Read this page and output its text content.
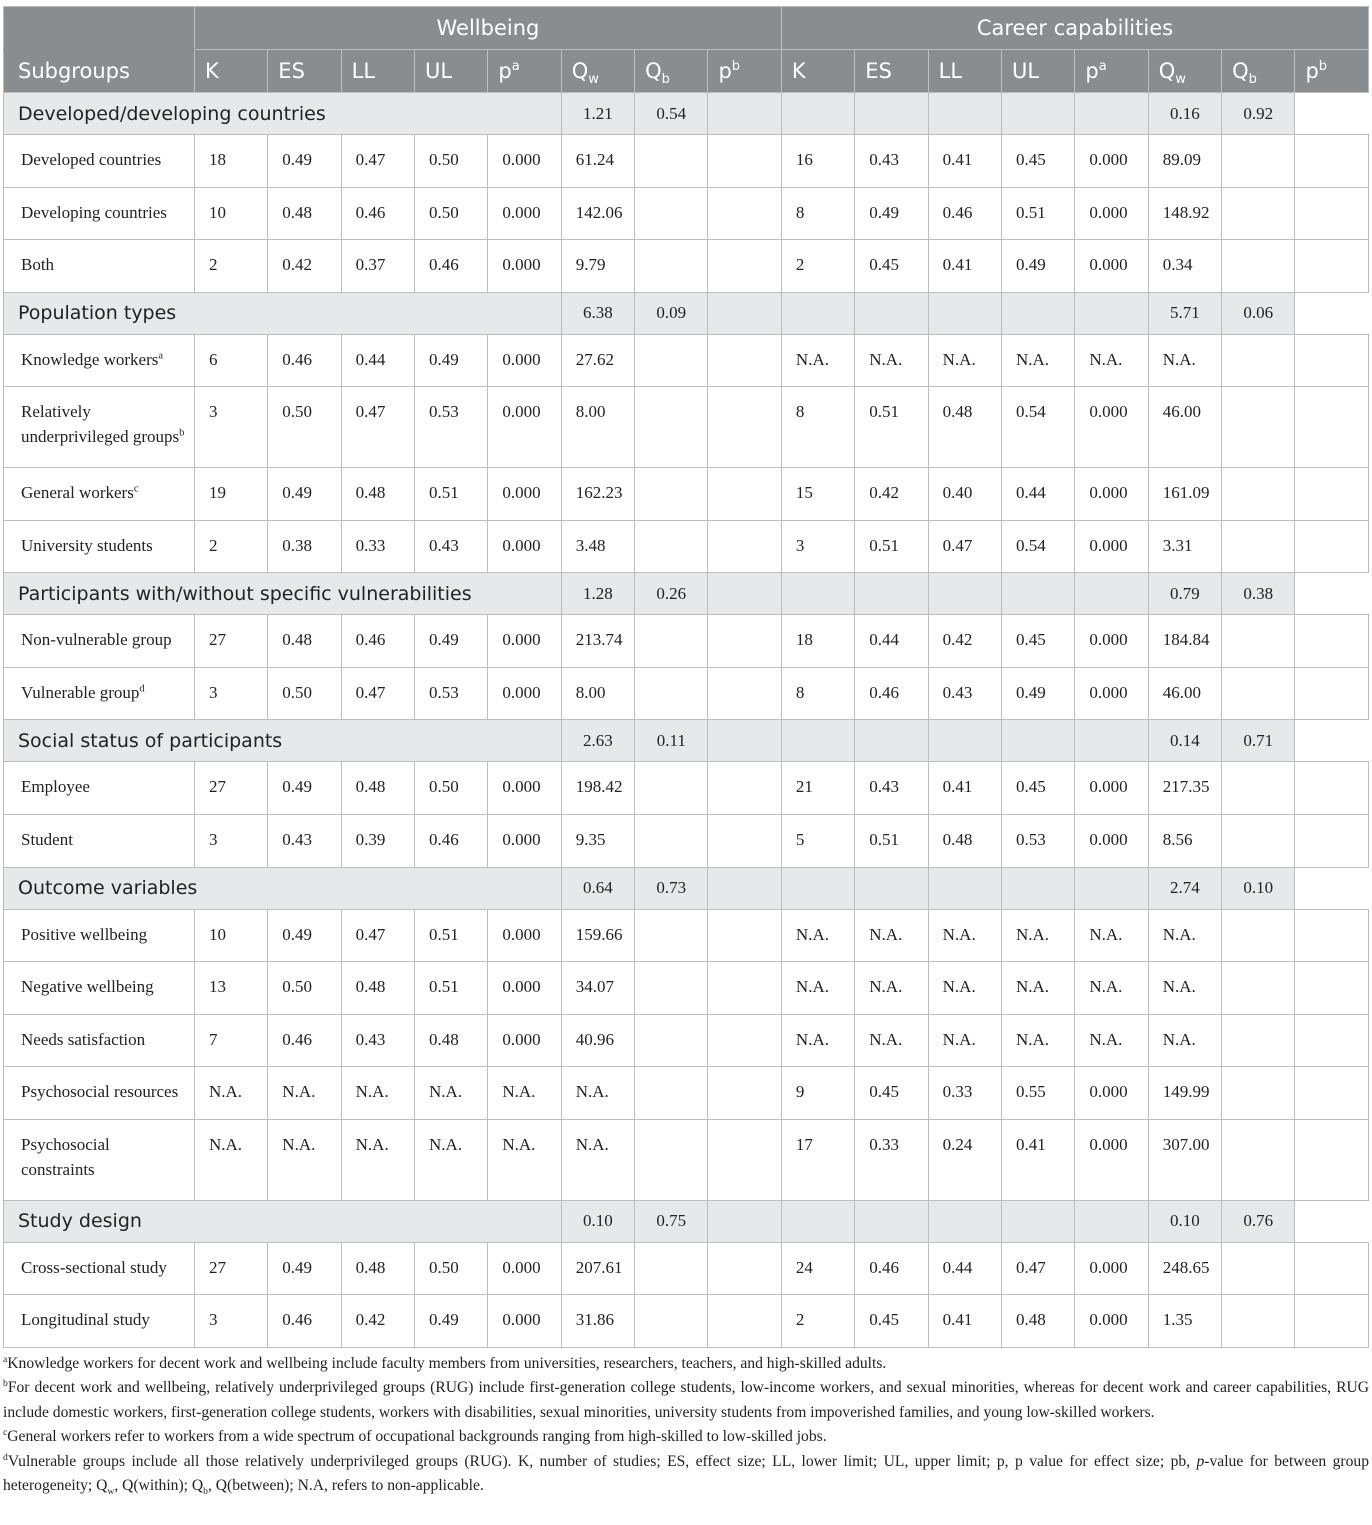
	Wellbeing								Career capabilities							
Subgroups	K	ES	LL	UL	$p^a$	$Q_w$	$Q_b$	$p^b$	K	ES	LL	UL	$p^a$	$Q_w$	$Q_b$	$p^b$
Developed/developing countries						1.21	0.54							0.16	0.92	
Developed countries	18	0.49	0.47	0.50	0.000	61.24			16	0.43	0.41	0.45	0.000	89.09		
Developing countries	10	0.48	0.46	0.50	0.000	142.06			8	0.49	0.46	0.51	0.000	148.92		
Both	2	0.42	0.37	0.46	0.000	9.79			2	0.45	0.41	0.49	0.000	0.34		
Population types						6.38	0.09							5.71	0.06	
Knowledge workers$^a$	6	0.46	0.44	0.49	0.000	27.62			N.A.	N.A.	N.A.	N.A.	N.A.	N.A.		
Relatively underprivileged groups$^b$	3	0.50	0.47	0.53	0.000	8.00			8	0.51	0.48	0.54	0.000	46.00		
General workers$^c$	19	0.49	0.48	0.51	0.000	162.23			15	0.42	0.40	0.44	0.000	161.09		
University students	2	0.38	0.33	0.43	0.000	3.48			3	0.51	0.47	0.54	0.000	3.31		
Participants with/without specific vulnerabilities						1.28	0.26							0.79	0.38	
Non-vulnerable group	27	0.48	0.46	0.49	0.000	213.74			18	0.44	0.42	0.45	0.000	184.84		
Vulnerable group$^d$	3	0.50	0.47	0.53	0.000	8.00			8	0.46	0.43	0.49	0.000	46.00		
Social status of participants						2.63	0.11							0.14	0.71	
Employee	27	0.49	0.48	0.50	0.000	198.42			21	0.43	0.41	0.45	0.000	217.35		
Student	3	0.43	0.39	0.46	0.000	9.35			5	0.51	0.48	0.53	0.000	8.56		
Outcome variables						0.64	0.73							2.74	0.10	
Positive wellbeing	10	0.49	0.47	0.51	0.000	159.66			N.A.	N.A.	N.A.	N.A.	N.A.	N.A.		
Negative wellbeing	13	0.50	0.48	0.51	0.000	34.07			N.A.	N.A.	N.A.	N.A.	N.A.	N.A.		
Needs satisfaction	7	0.46	0.43	0.48	0.000	40.96			N.A.	N.A.	N.A.	N.A.	N.A.	N.A.		
Psychosocial resources	N.A.	N.A.	N.A.	N.A.	N.A.	N.A.			9	0.45	0.33	0.55	0.000	149.99		
Psychosocial constraints	N.A.	N.A.	N.A.	N.A.	N.A.	N.A.			17	0.33	0.24	0.41	0.000	307.00		
Study design						0.10	0.75							0.10	0.76	
Cross-sectional study	27	0.49	0.48	0.50	0.000	207.61			24	0.46	0.44	0.47	0.000	248.65		
Longitudinal study	3	0.46	0.42	0.49	0.000	31.86			2	0.45	0.41	0.48	0.000	1.35		

$^a$Knowledge workers for decent work and wellbeing include faculty members from universities, researchers, teachers, and high-skilled adults.

$^b$For decent work and wellbeing, relatively underprivileged groups (RUG) include first-generation college students, low-income workers, and sexual minorities, whereas for decent work and career capabilities, RUG include domestic workers, first-generation college students, workers with disabilities, sexual minorities, university students from impoverished families, and young low-skilled workers.

$^c$General workers refer to workers from a wide spectrum of occupational backgrounds ranging from high-skilled to low-skilled jobs.

$^d$Vulnerable groups include all those relatively underprivileged groups (RUG). K, number of studies; ES, effect size; LL, lower limit; UL, upper limit; p, p value for effect size; pb, p-value for between group heterogeneity; $Q_w$, Q(within); $Q_b$, Q(between); N.A, refers to non-applicable.
